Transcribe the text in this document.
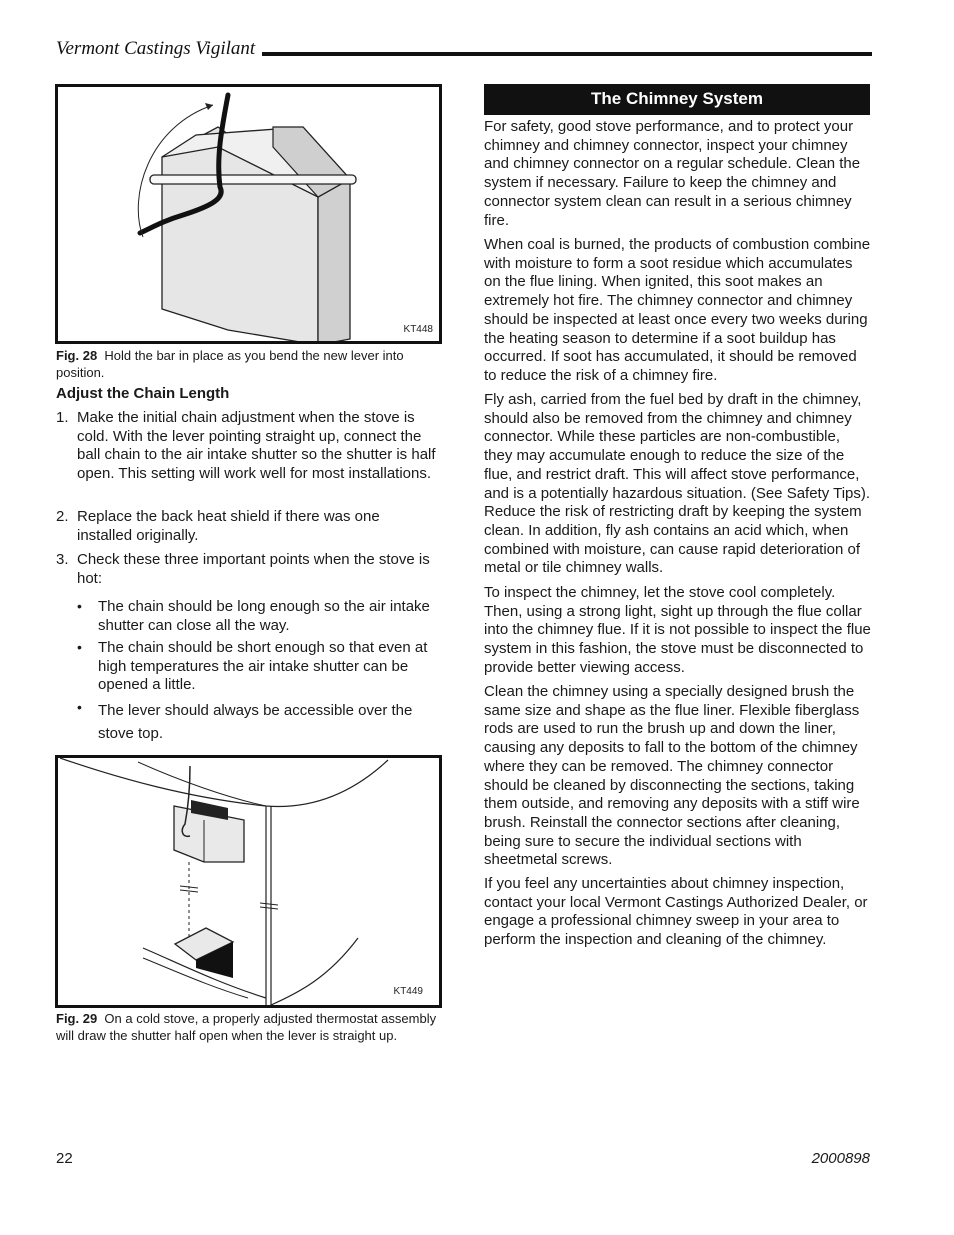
Vermont Castings Vigilant
KT448
Fig. 28 Hold the bar in place as you bend the new lever into position.
Adjust the Chain Length
1. Make the initial chain adjustment when the stove is cold. With the lever pointing straight up, connect the ball chain to the air intake shutter so the shutter is half open. This setting will work well for most installations.
2. Replace the back heat shield if there was one installed originally.
3. Check these three important points when the stove is hot:
• The chain should be long enough so the air intake shutter can close all the way.
• The chain should be short enough so that even at high temperatures the air intake shutter can be opened a little.
• The lever should always be accessible over the stove top.
KT449
Fig. 29 On a cold stove, a properly adjusted thermostat assembly will draw the shutter half open when the lever is straight up.
The Chimney System
For safety, good stove performance, and to protect your chimney and chimney connector, inspect your chimney and chimney connector on a regular schedule. Clean the system if necessary. Failure to keep the chimney and connector system clean can result in a serious chimney fire.
When coal is burned, the products of combustion combine with moisture to form a soot residue which accumulates on the flue lining. When ignited, this soot makes an extremely hot fire. The chimney connector and chimney should be inspected at least once every two weeks during the heating season to determine if a soot buildup has occurred. If soot has accumulated, it should be removed to reduce the risk of a chimney fire.
Fly ash, carried from the fuel bed by draft in the chimney, should also be removed from the chimney and chimney connector. While these particles are non-combustible, they may accumulate enough to reduce the size of the flue, and restrict draft. This will affect stove performance, and is a potentially hazardous situation. (See Safety Tips). Reduce the risk of restricting draft by keeping the system clean. In addition, fly ash contains an acid which, when combined with moisture, can cause rapid deterioration of metal or tile chimney walls.
To inspect the chimney, let the stove cool completely. Then, using a strong light, sight up through the flue collar into the chimney flue. If it is not possible to inspect the flue system in this fashion, the stove must be disconnected to provide better viewing access.
Clean the chimney using a specially designed brush the same size and shape as the flue liner. Flexible fiberglass rods are used to run the brush up and down the liner, causing any deposits to fall to the bottom of the chimney where they can be removed. The chimney connector should be cleaned by disconnecting the sections, taking them outside, and removing any deposits with a stiff wire brush. Reinstall the connector sections after cleaning, being sure to secure the individual sections with sheetmetal screws.
If you feel any uncertainties about chimney inspection, contact your local Vermont Castings Authorized Dealer, or engage a professional chimney sweep in your area to perform the inspection and cleaning of the chimney.
22	2000898
